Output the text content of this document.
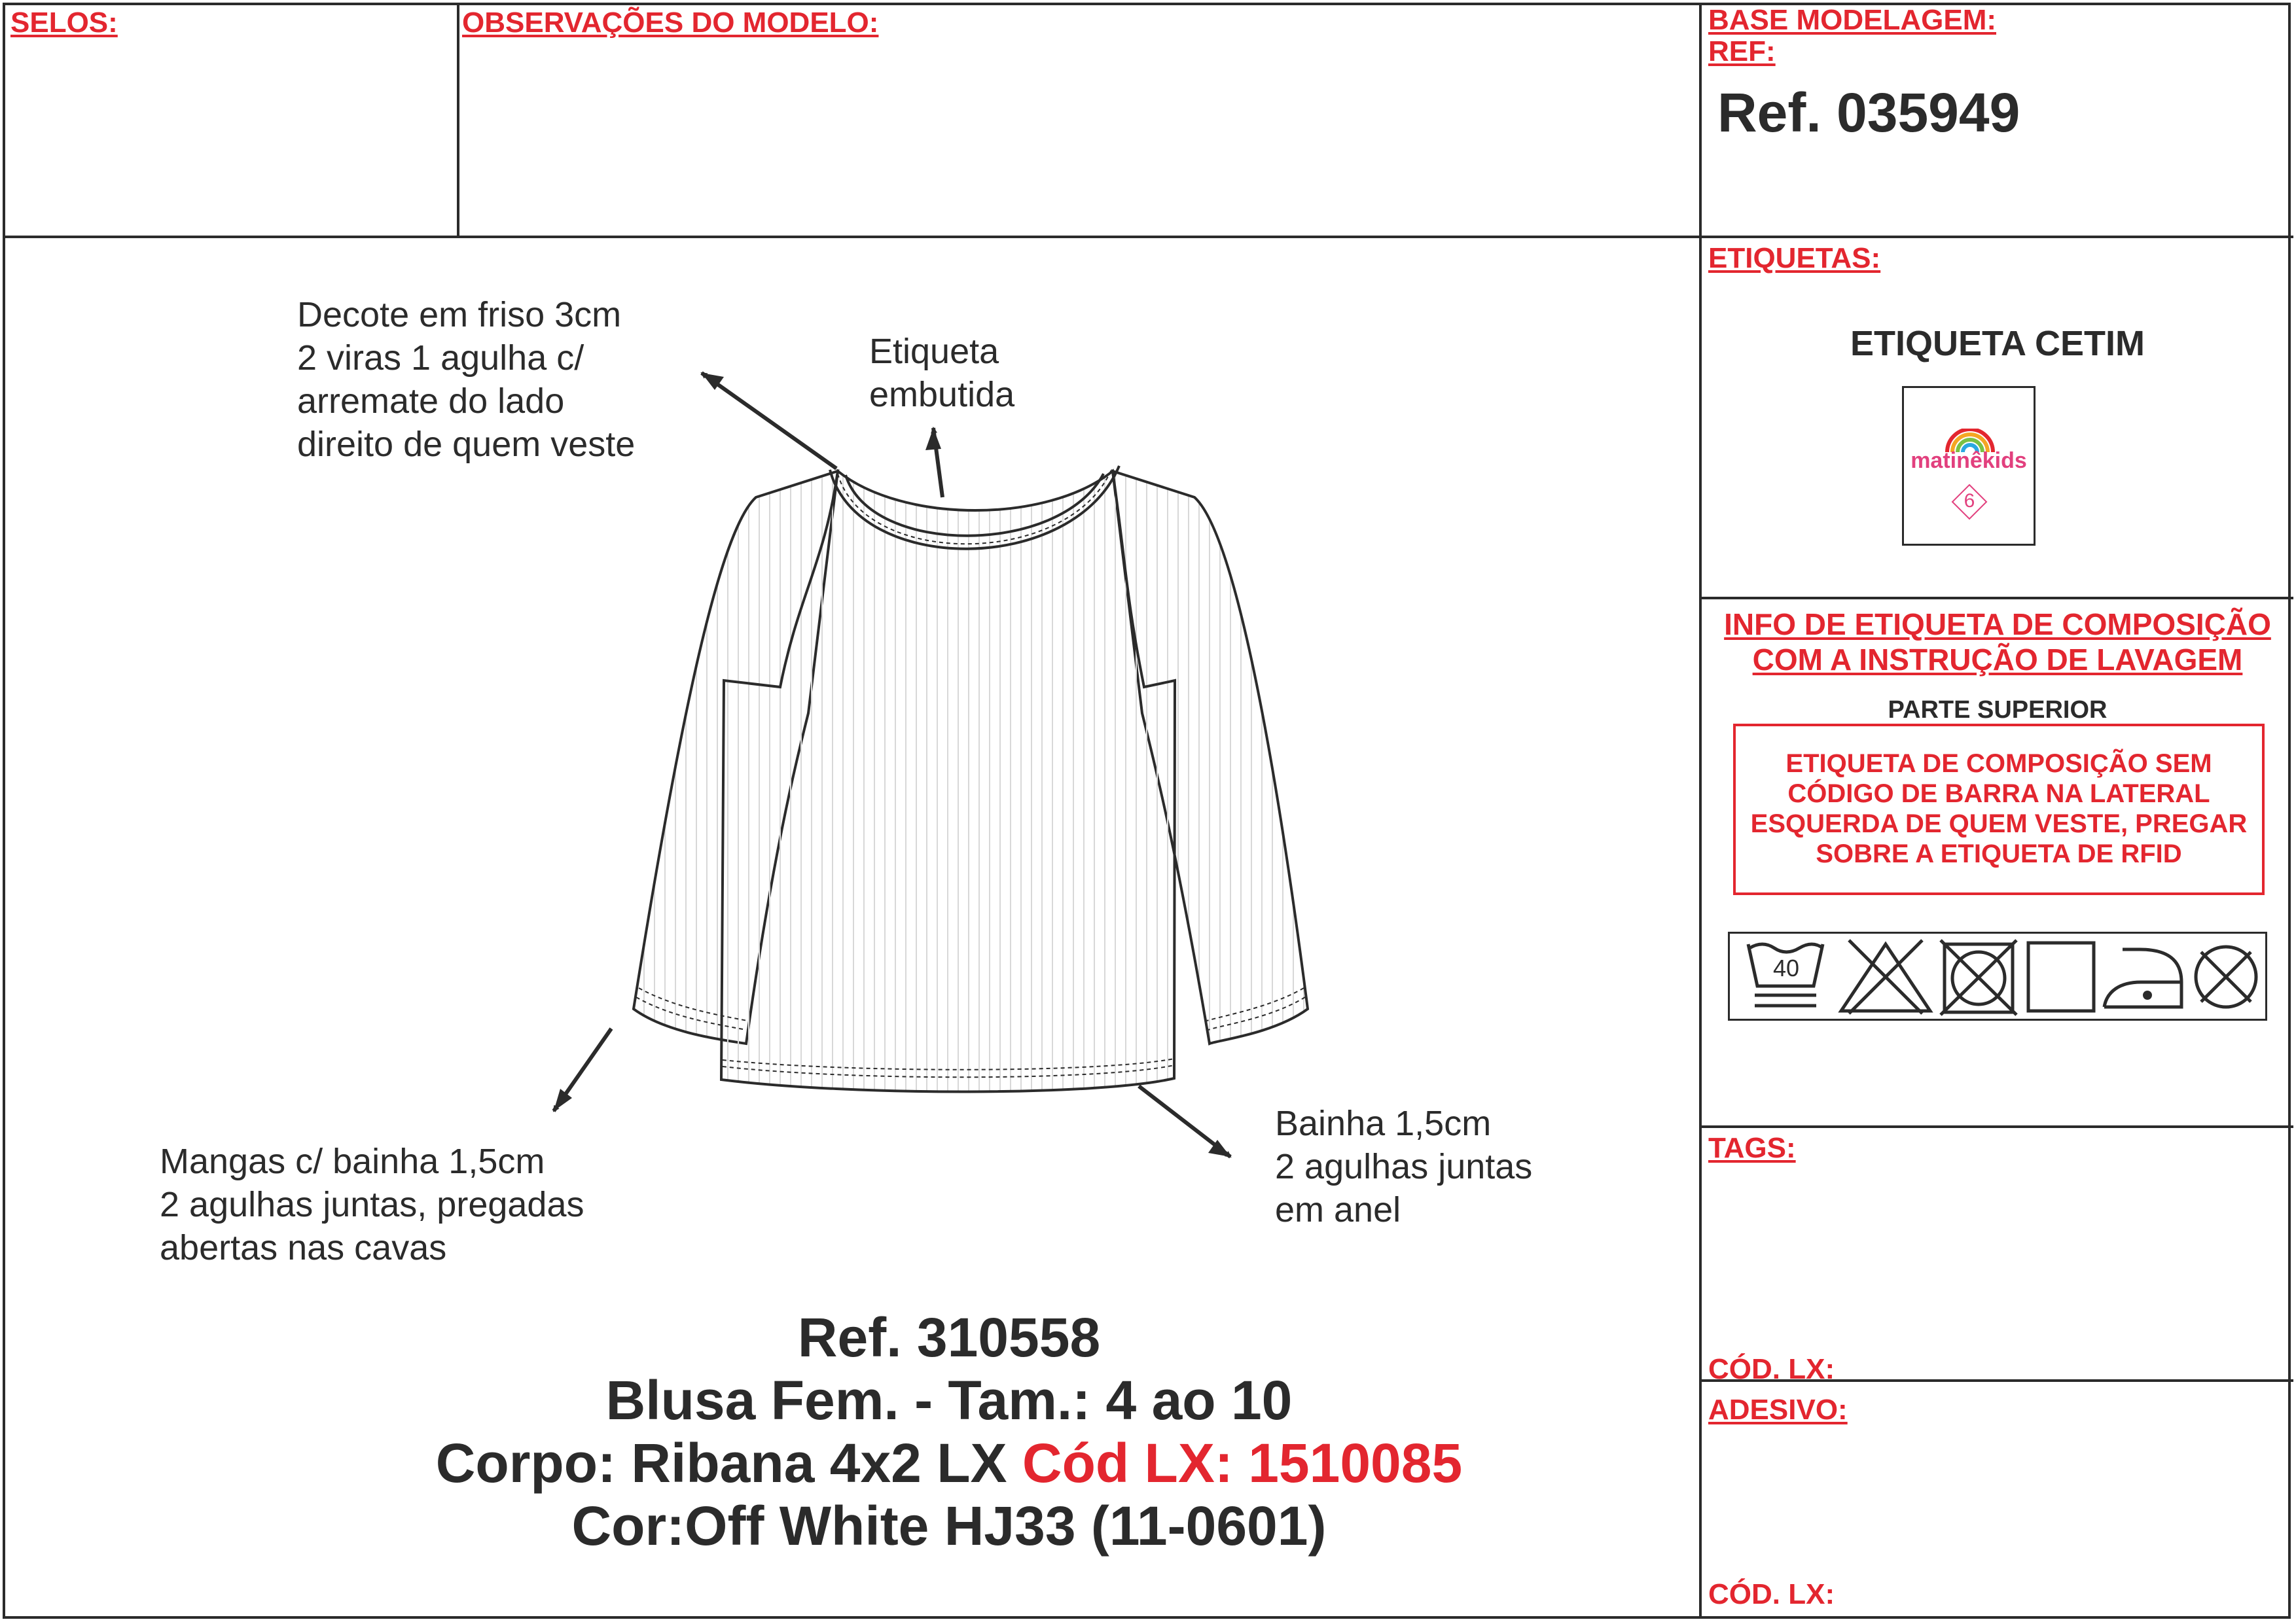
SELOS:	OBSERVAÇÕES DO MODELO:	BASE MODELAGEM:
REF:
Ref. 035949
Decote em friso 3cm
2 viras 1 agulha c/
arremate do lado
direito de quem veste
Etiqueta
embutida
Mangas c/ bainha 1,5cm
2 agulhas juntas, pregadas
abertas nas cavas
Bainha 1,5cm
2 agulhas juntas
em anel
Ref. 310558
Blusa Fem. - Tam.: 4 ao 10
Corpo: Ribana 4x2 LX Cód LX: 1510085
Cor:Off White HJ33 (11-0601)
ETIQUETAS:
ETIQUETA CETIM
matinêkids
6
INFO DE ETIQUETA DE COMPOSIÇÃO
COM A INSTRUÇÃO DE LAVAGEM
PARTE SUPERIOR
ETIQUETA DE COMPOSIÇÃO SEM
CÓDIGO DE BARRA NA LATERAL
ESQUERDA DE QUEM VESTE, PREGAR
SOBRE A ETIQUETA DE RFID
40
TAGS:
CÓD. LX:
ADESIVO:
CÓD. LX:
